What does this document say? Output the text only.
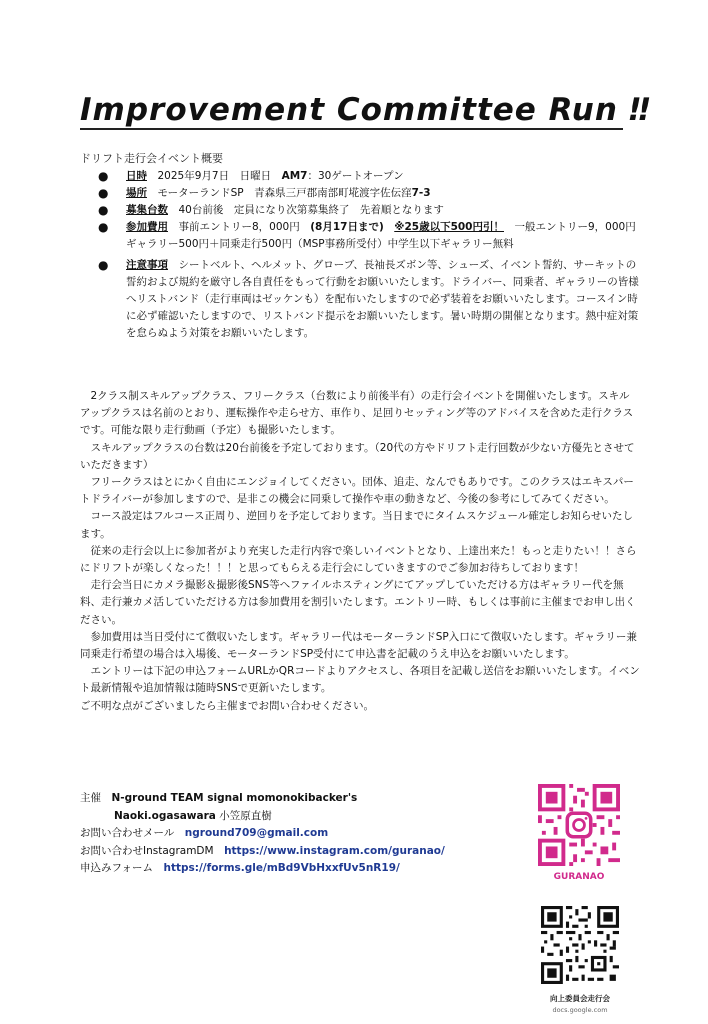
Improvement Committee Run ‼
ドリフト走行会イベント概要
● 日時　 2025年9月7日　日曜日　AM7：30ゲートオープン
● 場所　 モーターランドSP　青森県三戸郡南部町埖渡字佐伝窪7-3
● 募集台数　 40台前後　定員になり次第募集終了　先着順となります
● 参加費用　 事前エントリー8，000円　(8月17日まで)　 ※25歳以下500円引！　一般エントリー9，000円　ギャラリー500円＋同乗走行500円（MSP事務所受付）中学生以下ギャラリー無料
● 注意事項　 シートベルト、ヘルメット、グローブ、長袖長ズボン等、シューズ、イベント誓約、サーキットの誓約および規約を厳守し各自責任をもって行動をお願いいたします。ドライバー、同乗者、ギャラリーの皆様へリストバンド（走行車両はゼッケンも）を配布いたしますので必ず装着をお願いいたします。コースイン時に必ず確認いたしますので、リストバンド提示をお願いいたします。暑い時期の開催となります。熱中症対策を怠らぬよう対策をお願いいたします。

　2クラス制スキルアップクラス、フリークラス（台数により前後半有）の走行会イベントを開催いたします。スキルアップクラスは名前のとおり、運転操作や走らせ方、車作り、足回りセッティング等のアドバイスを含めた走行クラスです。可能な限り走行動画（予定）も撮影いたします。

　スキルアップクラスの台数は20台前後を予定しております。（20代の方やドリフト走行回数が少ない方優先とさせていただきます）

　フリークラスはとにかく自由にエンジョイしてください。団体、追走、なんでもありです。このクラスはエキスパートドライバーが参加しますので、是非この機会に同乗して操作や車の動きなど、今後の参考にしてみてください。

　コース設定はフルコース正周り、逆回りを予定しております。当日までにタイムスケジュール確定しお知らせいたします。

　従来の走行会以上に参加者がより充実した走行内容で楽しいイベントとなり、上達出来た！もっと走りたい！！さらにドリフトが楽しくなった！！！と思ってもらえる走行会にしていきますのでご参加お待ちしております！

　走行会当日にカメラ撮影＆撮影後SNS等へファイルホスティングにてアップしていただける方はギャラリー代を無料、走行兼カメ活していただける方は参加費用を割引いたします。エントリー時、もしくは事前に主催までお申し出ください。

　参加費用は当日受付にて徴収いたします。ギャラリー代はモーターランドSP入口にて徴収いたします。ギャラリー兼同乗走行希望の場合は入場後、モーターランドSP受付にて申込書を記載のうえ申込をお願いいたします。

　エントリーは下記の申込フォームURLかQRコードよりアクセスし、各項目を記載し送信をお願いいたします。イベント最新情報や追加情報は随時SNSで更新いたします。

ご不明な点がございましたら主催までお問い合わせください。

主催　 N-ground TEAM signal momonokibacker's
Naoki.ogasawara 小笠原直樹
お問い合わせメール　 nground709@gmail.com
お問い合わせInstagramDM　 https://www.instagram.com/guranao/
申込みフォーム　 https://forms.gle/mBd9VbHxxfUv5nR19/
GURANAO
向上委員会走行会
docs.google.com
